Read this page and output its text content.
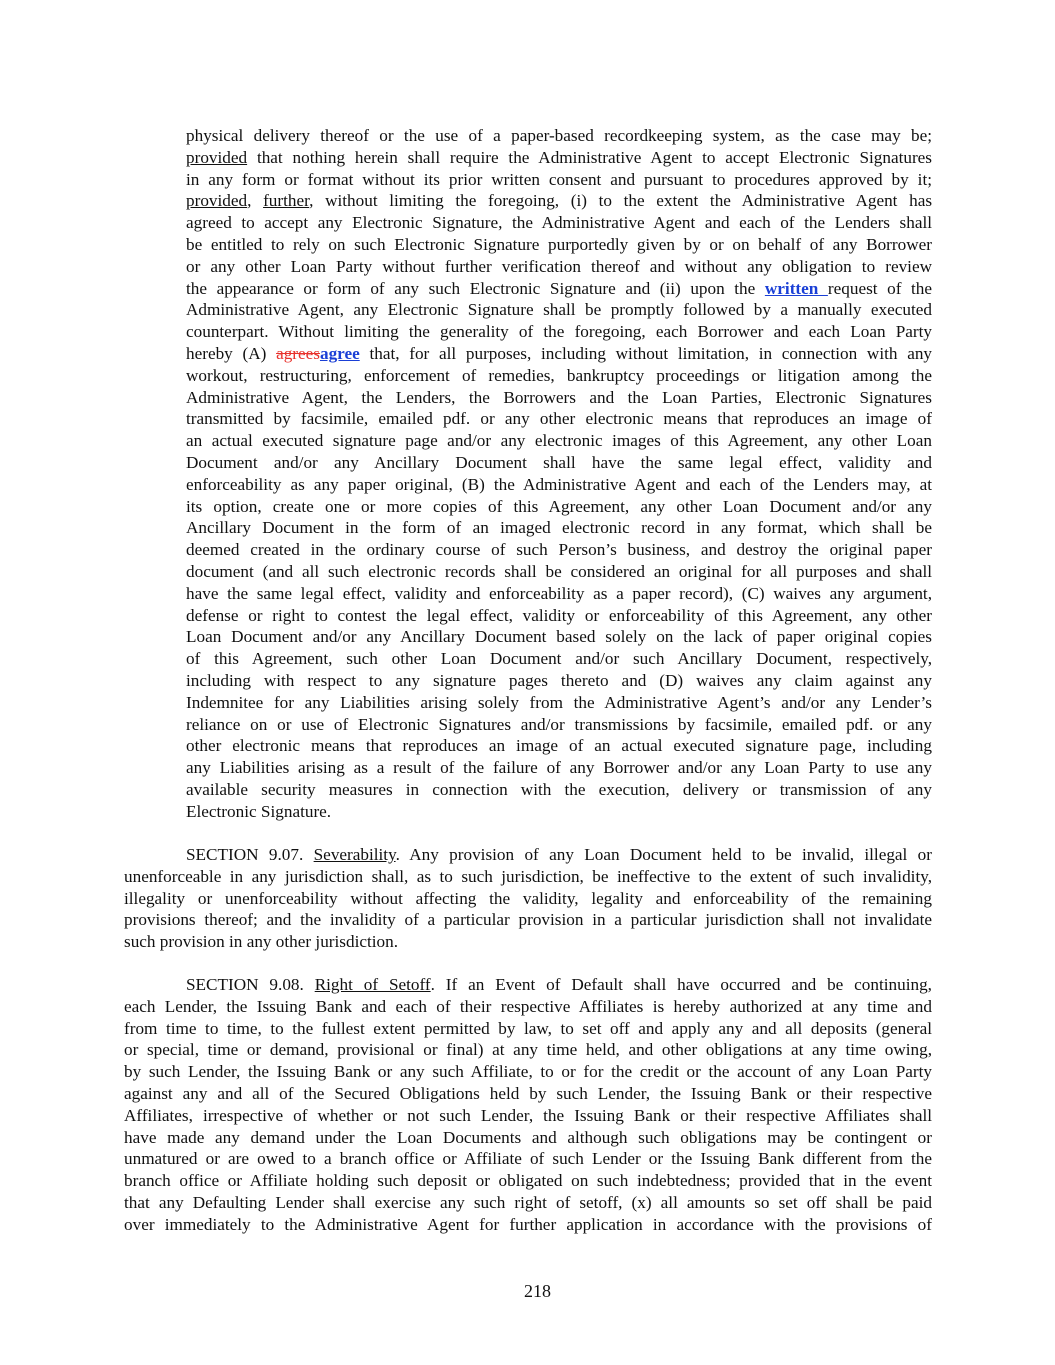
physical delivery thereof or the use of a paper-based recordkeeping system, as the case may be;
provided that nothing herein shall require the Administrative Agent to accept Electronic Signatures
in any form or format without its prior written consent and pursuant to procedures approved by it;
provided, further, without limiting the foregoing, (i) to the extent the Administrative Agent has
agreed to accept any Electronic Signature, the Administrative Agent and each of the Lenders shall
be entitled to rely on such Electronic Signature purportedly given by or on behalf of any Borrower
or any other Loan Party without further verification thereof and without any obligation to review
the appearance or form of any such Electronic Signature and (ii) upon the written request of the
Administrative Agent, any Electronic Signature shall be promptly followed by a manually executed
counterpart. Without limiting the generality of the foregoing, each Borrower and each Loan Party
hereby (A) agreesagree that, for all purposes, including without limitation, in connection with any
workout, restructuring, enforcement of remedies, bankruptcy proceedings or litigation among the
Administrative Agent, the Lenders, the Borrowers and the Loan Parties, Electronic Signatures
transmitted by facsimile, emailed pdf. or any other electronic means that reproduces an image of
an actual executed signature page and/or any electronic images of this Agreement, any other Loan
Document and/or any Ancillary Document shall have the same legal effect, validity and
enforceability as any paper original, (B) the Administrative Agent and each of the Lenders may, at
its option, create one or more copies of this Agreement, any other Loan Document and/or any
Ancillary Document in the form of an imaged electronic record in any format, which shall be
deemed created in the ordinary course of such Person’s business, and destroy the original paper
document (and all such electronic records shall be considered an original for all purposes and shall
have the same legal effect, validity and enforceability as a paper record), (C) waives any argument,
defense or right to contest the legal effect, validity or enforceability of this Agreement, any other
Loan Document and/or any Ancillary Document based solely on the lack of paper original copies
of this Agreement, such other Loan Document and/or such Ancillary Document, respectively,
including with respect to any signature pages thereto and (D) waives any claim against any
Indemnitee for any Liabilities arising solely from the Administrative Agent’s and/or any Lender’s
reliance on or use of Electronic Signatures and/or transmissions by facsimile, emailed pdf. or any
other electronic means that reproduces an image of an actual executed signature page, including
any Liabilities arising as a result of the failure of any Borrower and/or any Loan Party to use any
available security measures in connection with the execution, delivery or transmission of any
Electronic Signature.
SECTION 9.07. Severability. Any provision of any Loan Document held to be invalid, illegal or
unenforceable in any jurisdiction shall, as to such jurisdiction, be ineffective to the extent of such invalidity,
illegality or unenforceability without affecting the validity, legality and enforceability of the remaining
provisions thereof; and the invalidity of a particular provision in a particular jurisdiction shall not invalidate
such provision in any other jurisdiction.
SECTION 9.08. Right of Setoff. If an Event of Default shall have occurred and be continuing,
each Lender, the Issuing Bank and each of their respective Affiliates is hereby authorized at any time and
from time to time, to the fullest extent permitted by law, to set off and apply any and all deposits (general
or special, time or demand, provisional or final) at any time held, and other obligations at any time owing,
by such Lender, the Issuing Bank or any such Affiliate, to or for the credit or the account of any Loan Party
against any and all of the Secured Obligations held by such Lender, the Issuing Bank or their respective
Affiliates, irrespective of whether or not such Lender, the Issuing Bank or their respective Affiliates shall
have made any demand under the Loan Documents and although such obligations may be contingent or
unmatured or are owed to a branch office or Affiliate of such Lender or the Issuing Bank different from the
branch office or Affiliate holding such deposit or obligated on such indebtedness; provided that in the event
that any Defaulting Lender shall exercise any such right of setoff, (x) all amounts so set off shall be paid
over immediately to the Administrative Agent for further application in accordance with the provisions of
218
